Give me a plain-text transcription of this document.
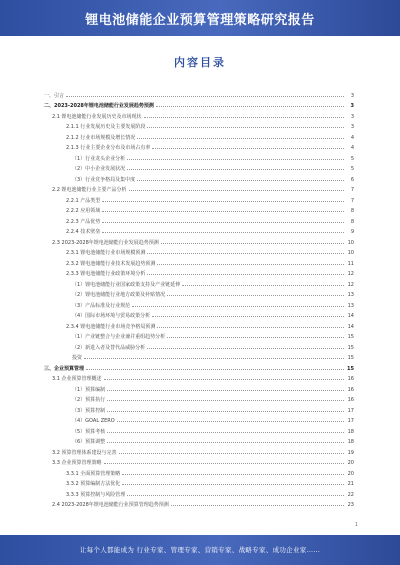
锂电池储能企业预算管理策略研究报告
内容目录
一、引言	3
二、2023-2028年锂电池储能行业发展趋势预测	3
2.1 锂电池储能行业发展历史及市场现状	3
2.1.1 行业发展历史及主要发展阶段	3
2.1.2 行业市场规模及增长情况	4
2.1.3 行业主要企业分布及市场占有率	4
（1）行业龙头企业分析	5
（2）中小企业发展状况	5
（3）行业竞争格局及集中度	6
2.2 锂电池储能行业主要产品分析	7
2.2.1 产品类型	7
2.2.2 应用领域	8
2.2.3 产品优势	8
2.2.4 技术壁垒	9
2.3 2023-2028年锂电池储能行业发展趋势预测	10
2.3.1 锂电池储能行业市场规模预测	10
2.3.2 锂电池储能行业技术发展趋势预测	11
2.3.3 锂电池储能行业政策环境分析	12
（1）锂电池储能行业国家政策支持及产业链延伸	12
（2）锂电池储能行业地方政策及补贴情况	13
（3）产品标准及行业规范	13
（4）国际市场环境与贸易政策分析	14
2.3.4 锂电池储能行业市场竞争格局预测	14
（1）产业链整合与企业兼并重组趋势分析	15
（2）新进入者及替代品威胁分析	15
投资	15
三、企业预算管理	15
3.1 企业预算管理概述	16
（1）预算编制	16
（2）预算执行	16
（3）预算控制	17
（4）GOAL ZERO	17
（5）预算考核	18
（6）预算调整	18
3.2 预算管理体系建设与完善	19
3.3 企业预算管理策略	20
3.3.1 全面预算管理策略	20
3.3.2 预算编制方法优化	21
3.3.3 预算控制与风险管理	22
2.4 2023-2028年锂电池储能行业预算管理趋势预测	23
1
让每个人都能成为 行业专家、管理专家、营销专家、战略专家、成功企业家……
